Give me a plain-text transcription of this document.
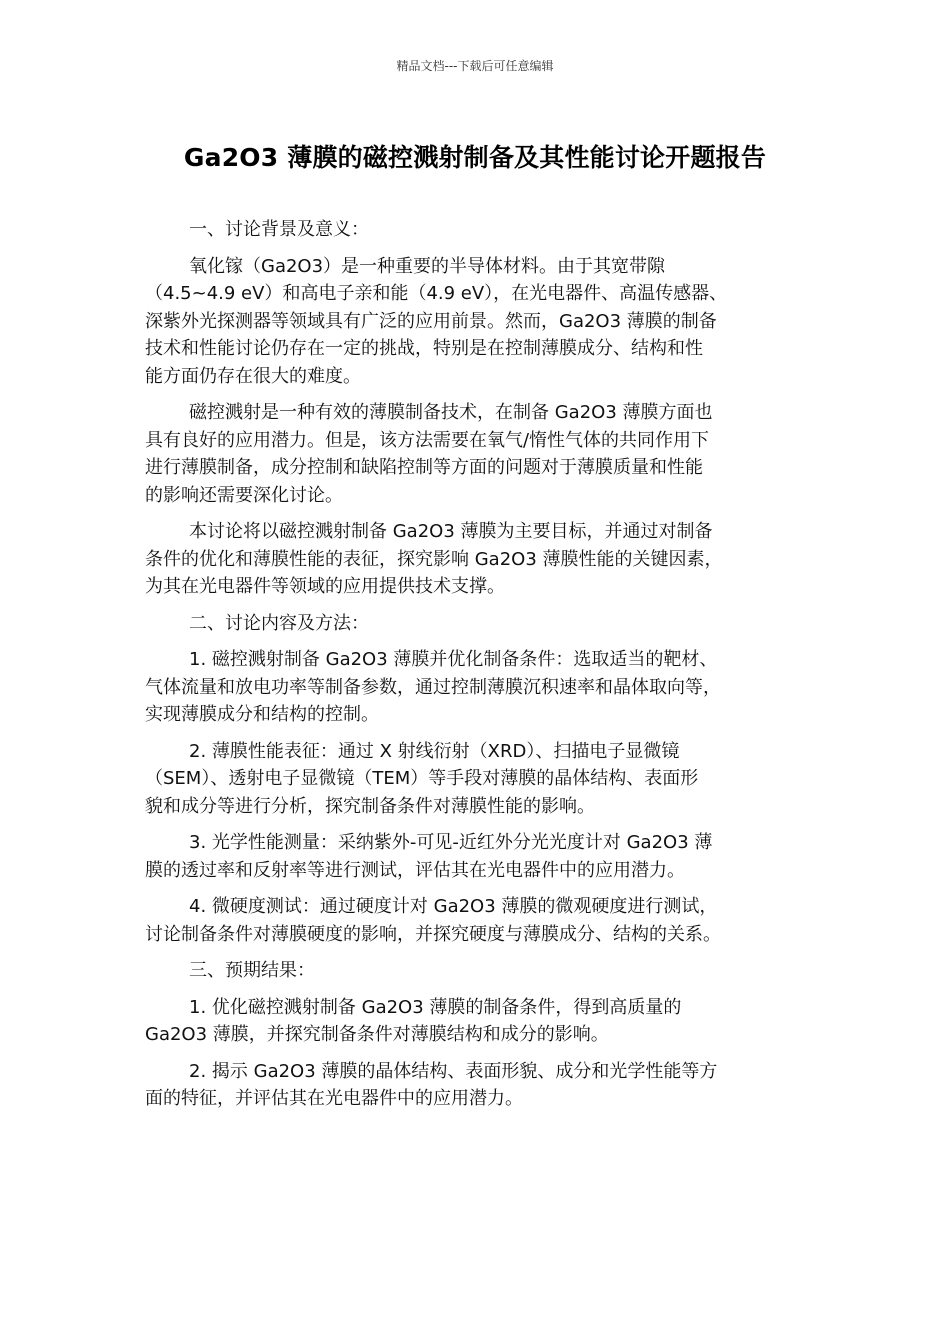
精品文档---下载后可任意编辑
Ga2O3 薄膜的磁控溅射制备及其性能讨论开题报告
一、讨论背景及意义：
氧化镓（Ga2O3）是一种重要的半导体材料。由于其宽带隙
（4.5~4.9 eV）和高电子亲和能（4.9 eV），在光电器件、高温传感器、
深紫外光探测器等领域具有广泛的应用前景。然而，Ga2O3 薄膜的制备
技术和性能讨论仍存在一定的挑战，特别是在控制薄膜成分、结构和性
能方面仍存在很大的难度。
磁控溅射是一种有效的薄膜制备技术，在制备 Ga2O3 薄膜方面也
具有良好的应用潜力。但是，该方法需要在氧气/惰性气体的共同作用下
进行薄膜制备，成分控制和缺陷控制等方面的问题对于薄膜质量和性能
的影响还需要深化讨论。
本讨论将以磁控溅射制备 Ga2O3 薄膜为主要目标，并通过对制备
条件的优化和薄膜性能的表征，探究影响 Ga2O3 薄膜性能的关键因素，
为其在光电器件等领域的应用提供技术支撑。
二、讨论内容及方法：
1. 磁控溅射制备 Ga2O3 薄膜并优化制备条件：选取适当的靶材、
气体流量和放电功率等制备参数，通过控制薄膜沉积速率和晶体取向等，
实现薄膜成分和结构的控制。
2. 薄膜性能表征：通过 X 射线衍射（XRD）、扫描电子显微镜
（SEM）、透射电子显微镜（TEM）等手段对薄膜的晶体结构、表面形
貌和成分等进行分析，探究制备条件对薄膜性能的影响。
3. 光学性能测量：采纳紫外-可见-近红外分光光度计对 Ga2O3 薄
膜的透过率和反射率等进行测试，评估其在光电器件中的应用潜力。
4. 微硬度测试：通过硬度计对 Ga2O3 薄膜的微观硬度进行测试，
讨论制备条件对薄膜硬度的影响，并探究硬度与薄膜成分、结构的关系。
三、预期结果：
1. 优化磁控溅射制备 Ga2O3 薄膜的制备条件，得到高质量的
Ga2O3 薄膜，并探究制备条件对薄膜结构和成分的影响。
2. 揭示 Ga2O3 薄膜的晶体结构、表面形貌、成分和光学性能等方
面的特征，并评估其在光电器件中的应用潜力。
